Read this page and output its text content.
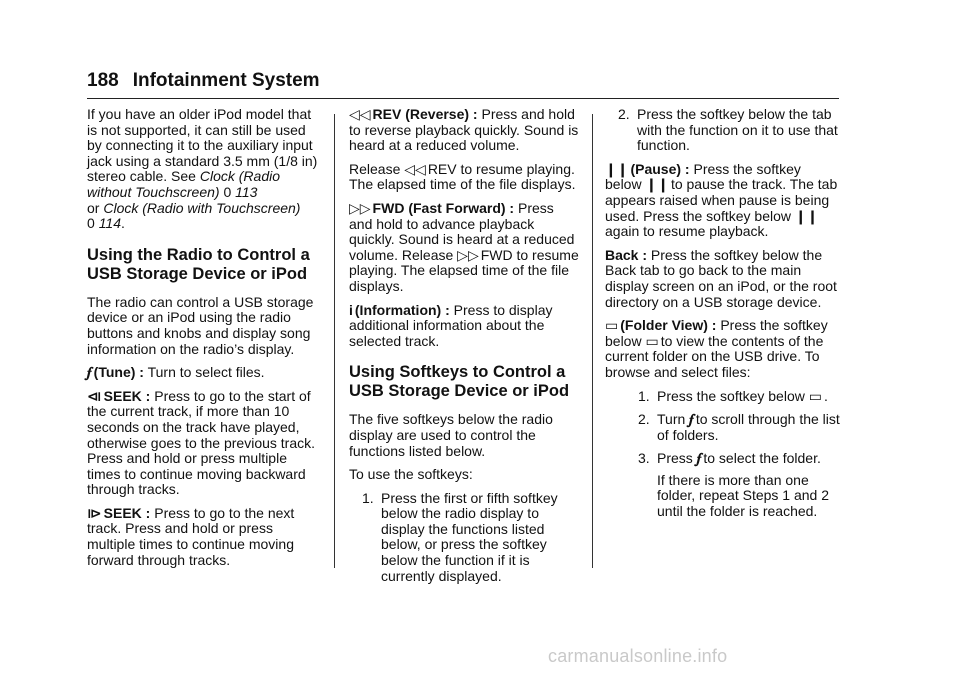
188 Infotainment System

If you have an older iPod model that is not supported, it can still be used by connecting it to the auxiliary input jack using a standard 3.5 mm (1/8 in) stereo cable. See Clock (Radio without Touchscreen) 0 113
or Clock (Radio with Touchscreen)
0 114.

Using the Radio to Control a USB Storage Device or iPod

The radio can control a USB storage device or an iPod using the radio buttons and knobs and display song information on the radio’s display.

𝆑 (Tune) : Turn to select files.

⧏ SEEK : Press to go to the start of the current track, if more than 10 seconds on the track have played, otherwise goes to the previous track. Press and hold or press multiple times to continue moving backward through tracks.

⧐ SEEK : Press to go to the next track. Press and hold or press multiple times to continue moving forward through tracks.

◁◁ REV (Reverse) : Press and hold to reverse playback quickly. Sound is heard at a reduced volume.

Release ◁◁ REV to resume playing.
The elapsed time of the file displays.

▷▷ FWD (Fast Forward) : Press and hold to advance playback quickly. Sound is heard at a reduced volume. Release ▷▷ FWD to resume playing. The elapsed time of the file displays.

i (Information) : Press to display additional information about the selected track.

Using Softkeys to Control a USB Storage Device or iPod

The five softkeys below the radio display are used to control the functions listed below.

To use the softkeys:

1. Press the first or fifth softkey below the radio display to display the functions listed below, or press the softkey below the function if it is currently displayed.
2. Press the softkey below the tab with the function on it to use that function.

❙❙ (Pause) : Press the softkey below ❙❙ to pause the track. The tab appears raised when pause is being used. Press the softkey below ❙❙
again to resume playback.

Back : Press the softkey below the Back tab to go back to the main display screen on an iPod, or the root directory on a USB storage device.

▭ (Folder View) : Press the softkey below ▭ to view the contents of the current folder on the USB drive. To browse and select files:

1. Press the softkey below ▭ .
2. Turn 𝆑 to scroll through the list of folders.
3. Press 𝆑 to select the folder.
If there is more than one folder, repeat Steps 1 and 2 until the folder is reached.
carmanualsonline.info
